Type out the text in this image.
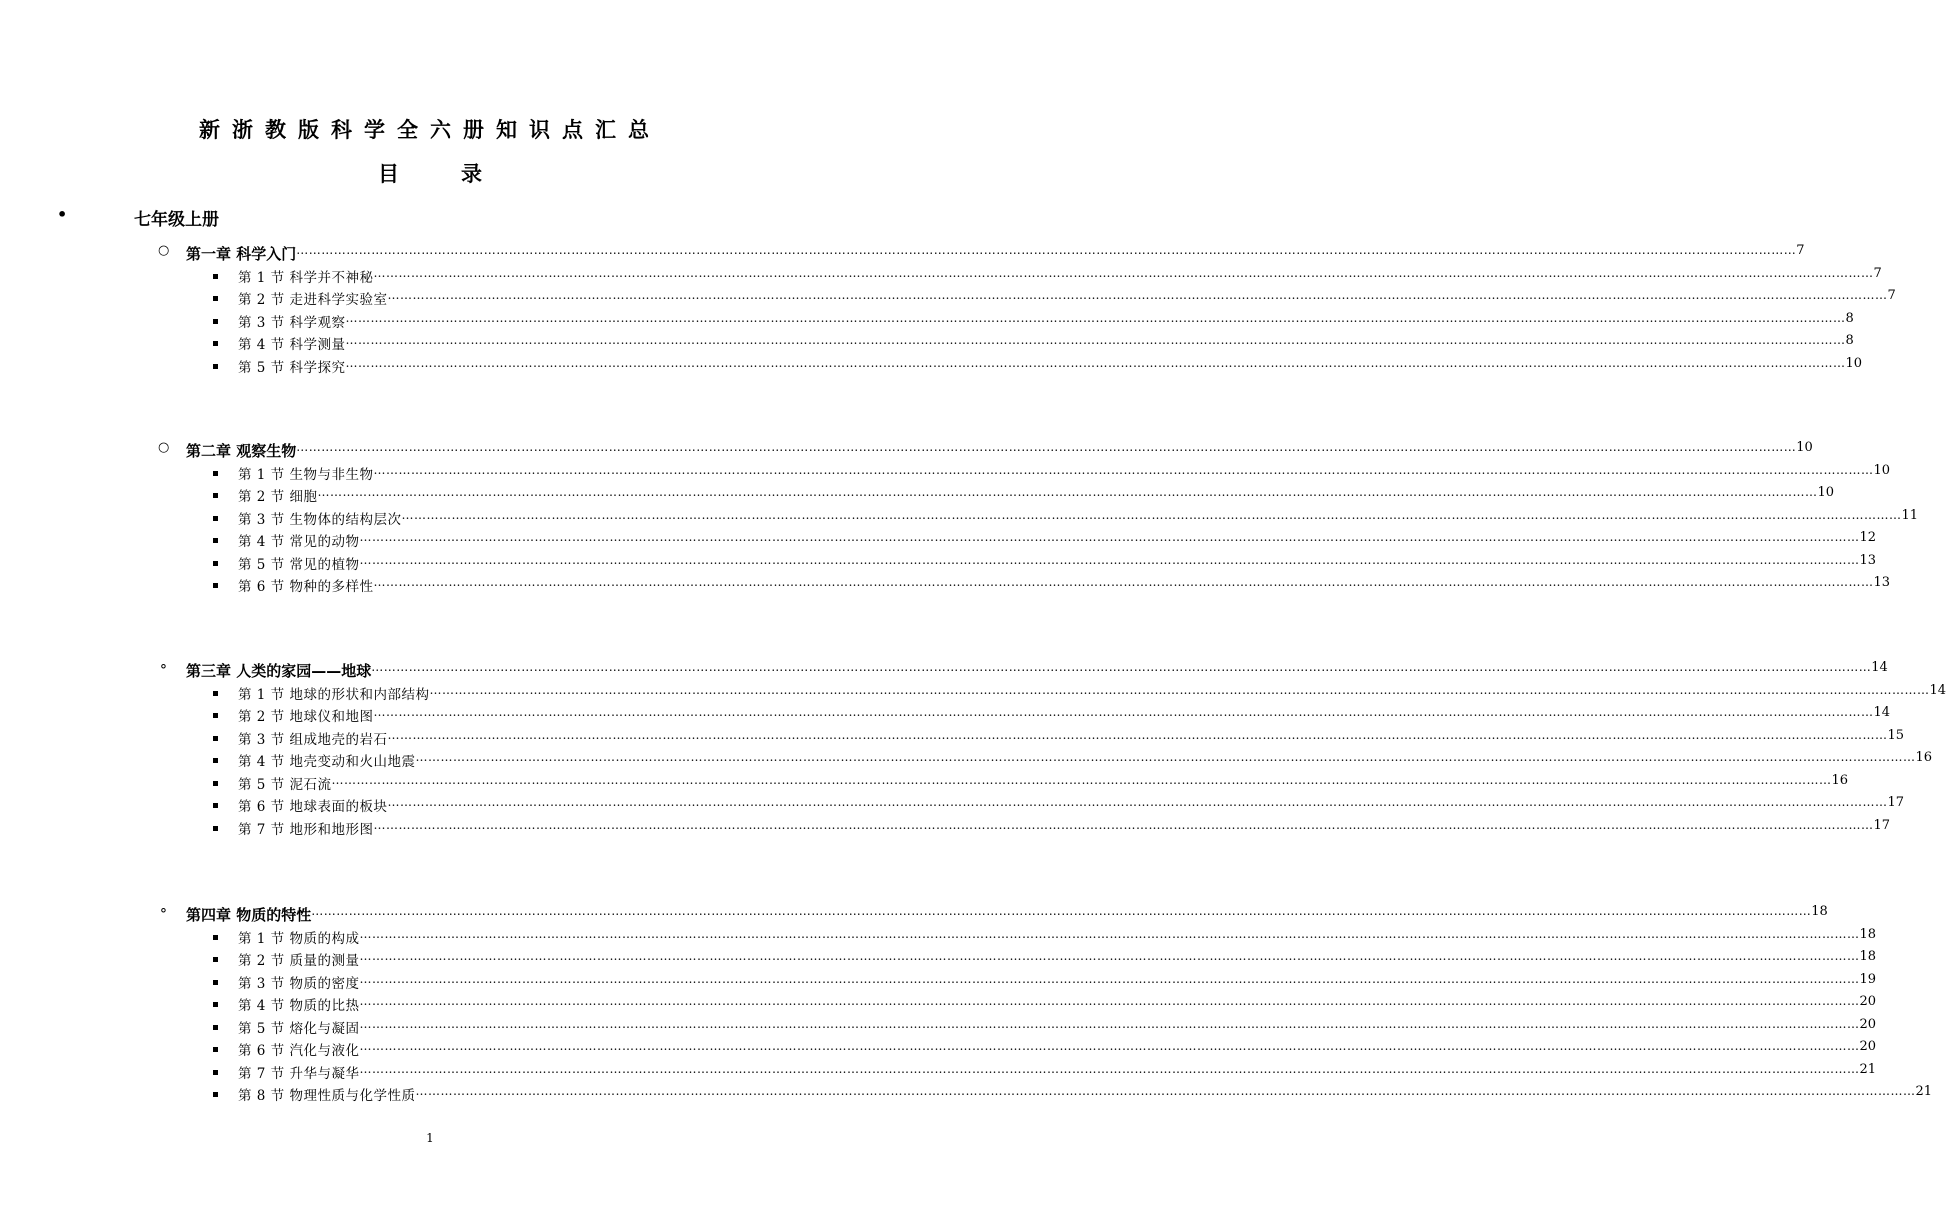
新浙教版科学全六册知识点汇总
目	录
•	七年级上册
○ 第一章 科学入门 ……………………………………………………………………………………………………………………………………………………………………………………………………………………………………………………………………………………………………………………………… 7
第 1 节 科学并不神秘 ……………………………………………………………………………………………………………………………………………………………………………………………………………………………………………………………………………………………………………………………… 7
第 2 节 走进科学实验室 ……………………………………………………………………………………………………………………………………………………………………………………………………………………………………………………………………………………………………………………………… 7
第 3 节 科学观察 ……………………………………………………………………………………………………………………………………………………………………………………………………………………………………………………………………………………………………………………………… 8
第 4 节 科学测量 ……………………………………………………………………………………………………………………………………………………………………………………………………………………………………………………………………………………………………………………………… 8
第 5 节 科学探究 ……………………………………………………………………………………………………………………………………………………………………………………………………………………………………………………………………………………………………………………………… 10
○ 第二章 观察生物 ……………………………………………………………………………………………………………………………………………………………………………………………………………………………………………………………………………………………………………………………… 10
第 1 节 生物与非生物 ……………………………………………………………………………………………………………………………………………………………………………………………………………………………………………………………………………………………………………………………… 10
第 2 节 细胞 ……………………………………………………………………………………………………………………………………………………………………………………………………………………………………………………………………………………………………………………………… 10
第 3 节 生物体的结构层次 ……………………………………………………………………………………………………………………………………………………………………………………………………………………………………………………………………………………………………………………………… 11
第 4 节 常见的动物 ……………………………………………………………………………………………………………………………………………………………………………………………………………………………………………………………………………………………………………………………… 12
第 5 节 常见的植物 ……………………………………………………………………………………………………………………………………………………………………………………………………………………………………………………………………………………………………………………………… 13
第 6 节 物种的多样性 ……………………………………………………………………………………………………………………………………………………………………………………………………………………………………………………………………………………………………………………………… 13
⚬ 第三章 人类的家园——地球 ……………………………………………………………………………………………………………………………………………………………………………………………………………………………………………………………………………………………………………………………… 14
第 1 节 地球的形状和内部结构 ……………………………………………………………………………………………………………………………………………………………………………………………………………………………………………………………………………………………………………………………… 14
第 2 节 地球仪和地图 ……………………………………………………………………………………………………………………………………………………………………………………………………………………………………………………………………………………………………………………………… 14
第 3 节 组成地壳的岩石 ……………………………………………………………………………………………………………………………………………………………………………………………………………………………………………………………………………………………………………………………… 15
第 4 节 地壳变动和火山地震 ……………………………………………………………………………………………………………………………………………………………………………………………………………………………………………………………………………………………………………………………… 16
第 5 节 泥石流 ……………………………………………………………………………………………………………………………………………………………………………………………………………………………………………………………………………………………………………………………… 16
第 6 节 地球表面的板块 ……………………………………………………………………………………………………………………………………………………………………………………………………………………………………………………………………………………………………………………………… 17
第 7 节 地形和地形图 ……………………………………………………………………………………………………………………………………………………………………………………………………………………………………………………………………………………………………………………………… 17
⚬ 第四章 物质的特性 ……………………………………………………………………………………………………………………………………………………………………………………………………………………………………………………………………………………………………………………………… 18
第 1 节 物质的构成 ……………………………………………………………………………………………………………………………………………………………………………………………………………………………………………………………………………………………………………………………… 18
第 2 节 质量的测量 ……………………………………………………………………………………………………………………………………………………………………………………………………………………………………………………………………………………………………………………………… 18
第 3 节 物质的密度 ……………………………………………………………………………………………………………………………………………………………………………………………………………………………………………………………………………………………………………………………… 19
第 4 节 物质的比热 ……………………………………………………………………………………………………………………………………………………………………………………………………………………………………………………………………………………………………………………………… 20
第 5 节 熔化与凝固 ……………………………………………………………………………………………………………………………………………………………………………………………………………………………………………………………………………………………………………………………… 20
第 6 节 汽化与液化 ……………………………………………………………………………………………………………………………………………………………………………………………………………………………………………………………………………………………………………………………… 20
第 7 节 升华与凝华 ……………………………………………………………………………………………………………………………………………………………………………………………………………………………………………………………………………………………………………………………… 21
第 8 节 物理性质与化学性质 ……………………………………………………………………………………………………………………………………………………………………………………………………………………………………………………………………………………………………………………………… 21
1
